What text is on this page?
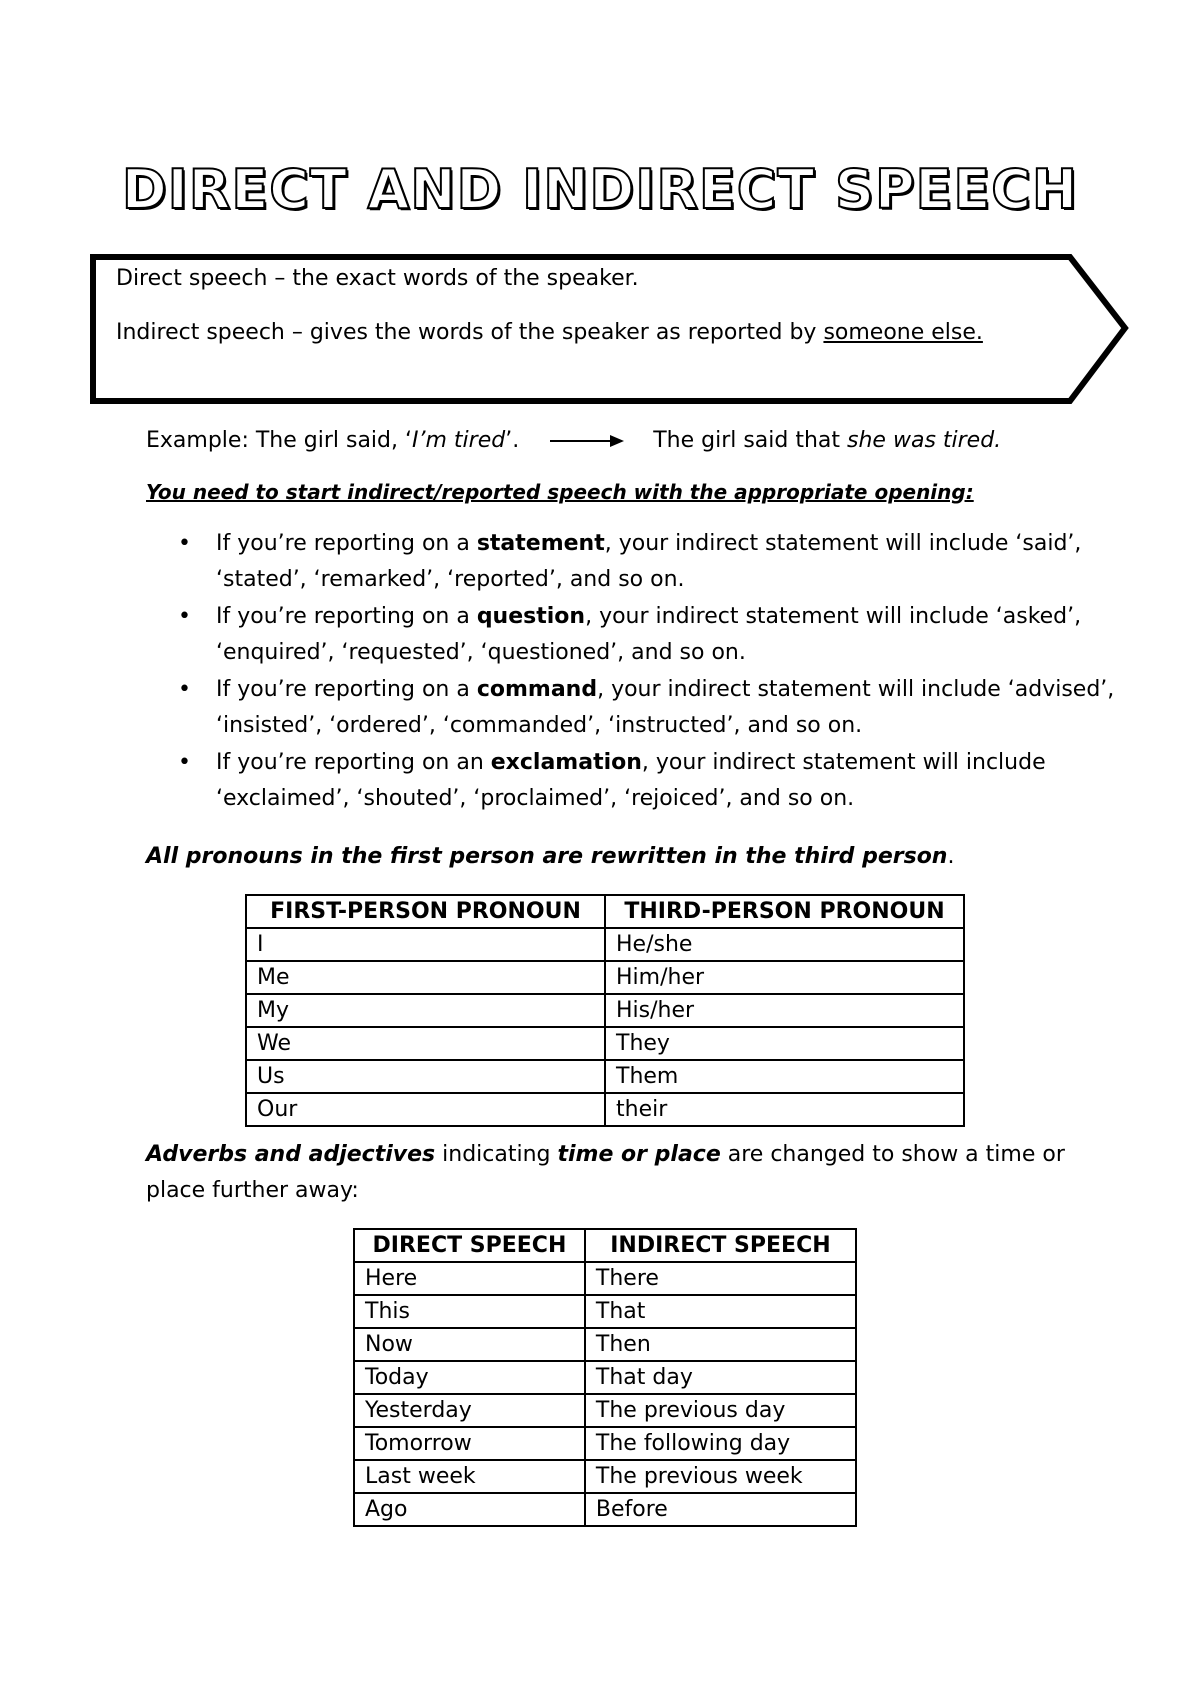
DIRECT AND INDIRECT SPEECH
Direct speech – the exact words of the speaker.
Indirect speech – gives the words of the speaker as reported by someone else.
Example: The girl said, ‘I’m tired’.	The girl said that she was tired.
You need to start indirect/reported speech with the appropriate opening:
• If you’re reporting on a statement, your indirect statement will include ‘said’, ‘stated’, ‘remarked’, ‘reported’, and so on.
• If you’re reporting on a question, your indirect statement will include ‘asked’, ‘enquired’, ‘requested’, ‘questioned’, and so on.
• If you’re reporting on a command, your indirect statement will include ‘advised’, ‘insisted’, ‘ordered’, ‘commanded’, ‘instructed’, and so on.
• If you’re reporting on an exclamation, your indirect statement will include ‘exclaimed’, ‘shouted’, ‘proclaimed’, ‘rejoiced’, and so on.
All pronouns in the first person are rewritten in the third person.
FIRST-PERSON PRONOUN	THIRD-PERSON PRONOUN
I	He/she
Me	Him/her
My	His/her
We	They
Us	Them
Our	their
Adverbs and adjectives indicating time or place are changed to show a time or
place further away:
DIRECT SPEECH	INDIRECT SPEECH
Here	There
This	That
Now	Then
Today	That day
Yesterday	The previous day
Tomorrow	The following day
Last week	The previous week
Ago	Before
